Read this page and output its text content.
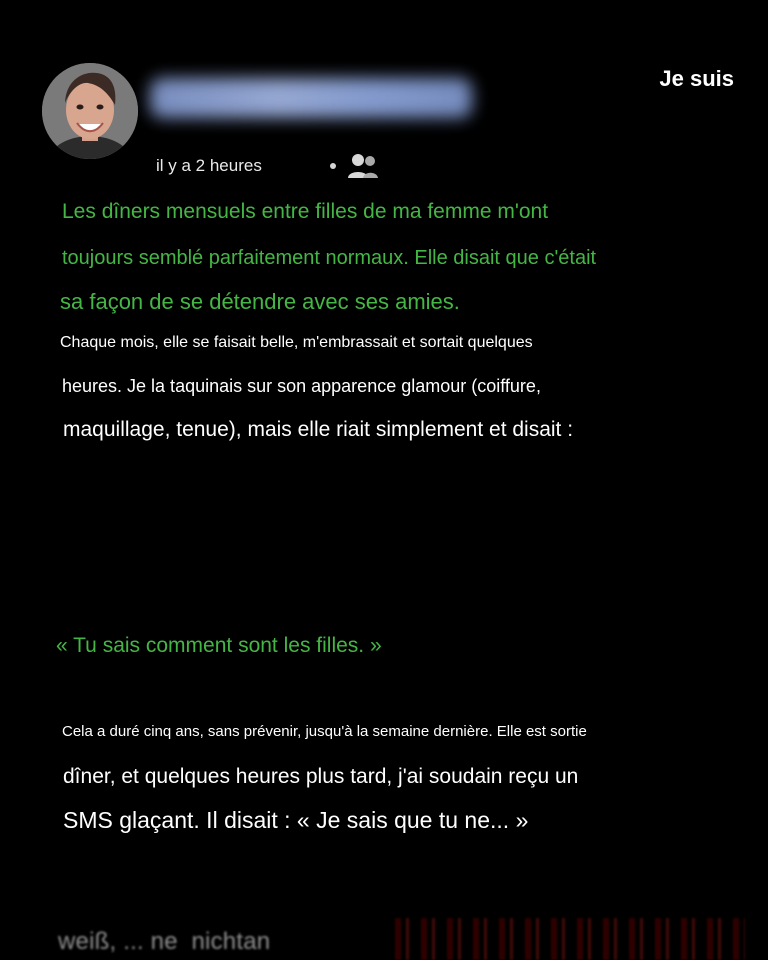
Je suis
il y a 2 heures
Les dîners mensuels entre filles de ma femme m'ont
toujours semblé parfaitement normaux. Elle disait que c'était
sa façon de se détendre avec ses amies.
Chaque mois, elle se faisait belle, m'embrassait et sortait quelques
heures. Je la taquinais sur son apparence glamour (coiffure,
maquillage, tenue), mais elle riait simplement et disait :
« Tu sais comment sont les filles. »
Cela a duré cinq ans, sans prévenir, jusqu'à la semaine dernière. Elle est sortie
dîner, et quelques heures plus tard, j'ai soudain reçu un
SMS glaçant. Il disait : « Je sais que tu ne... »
weiß, ... ne  nichtan
